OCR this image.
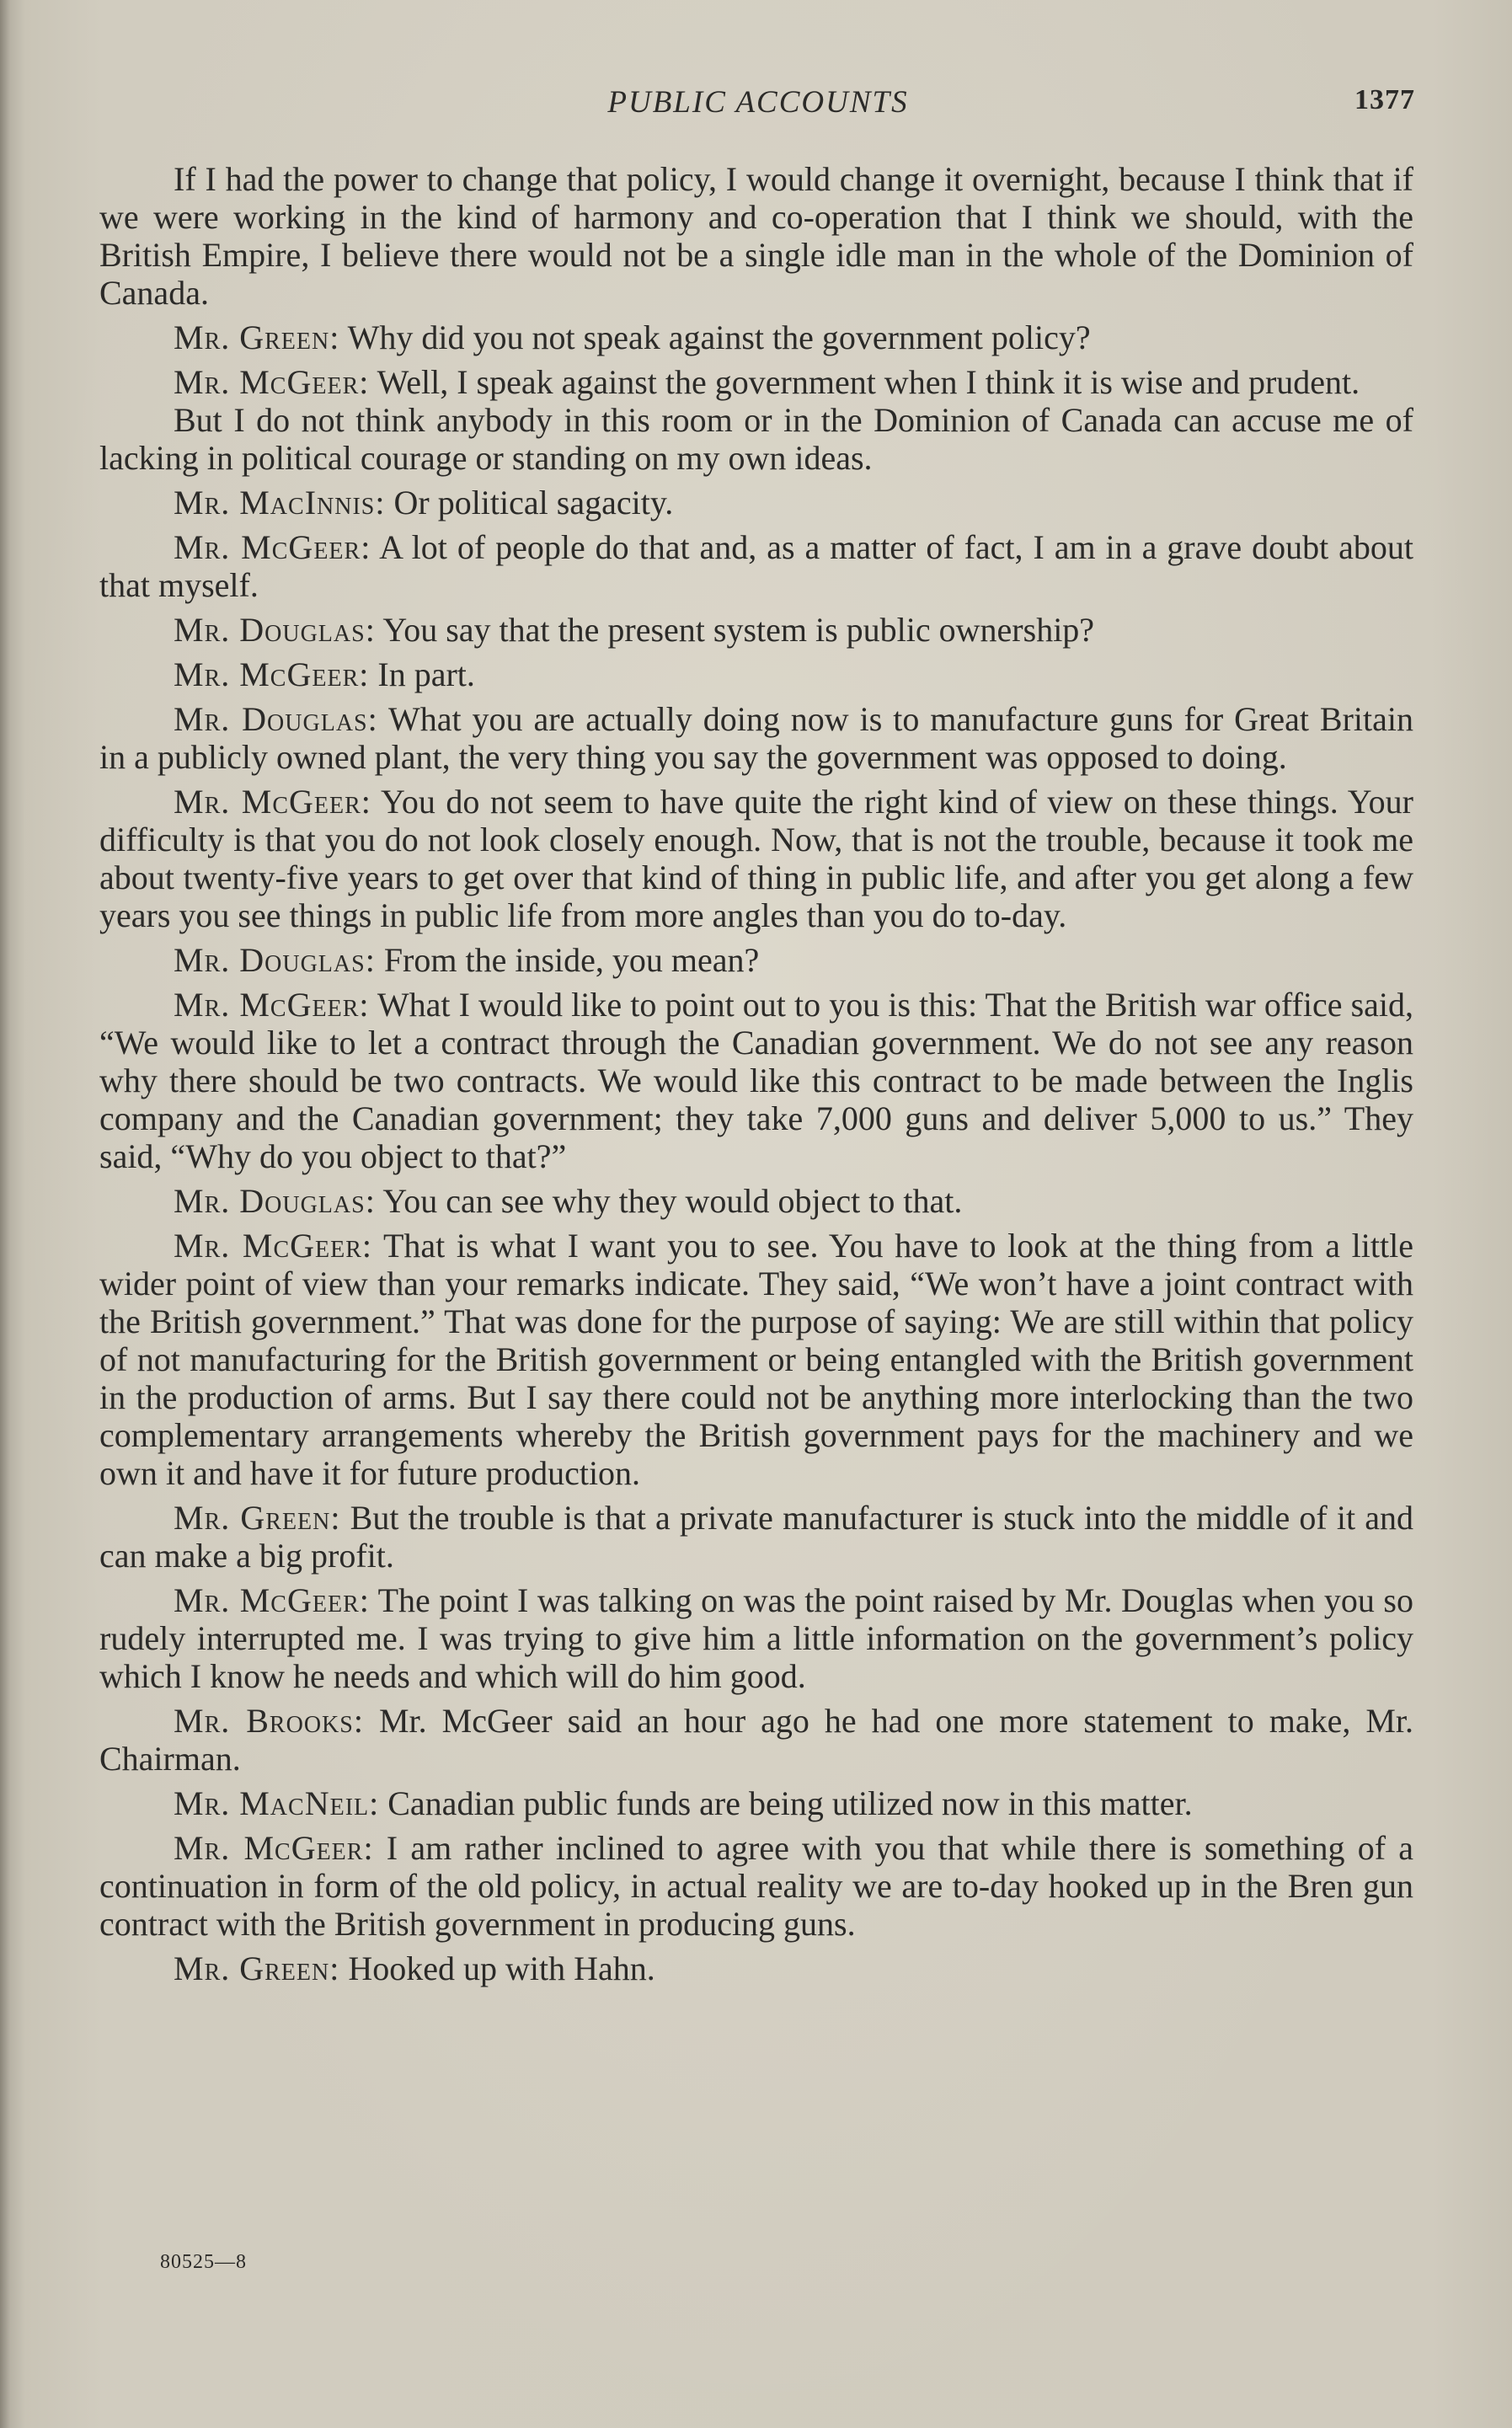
PUBLIC ACCOUNTS	1377

If I had the power to change that policy, I would change it overnight, because I think that if we were working in the kind of harmony and co-operation that I think we should, with the British Empire, I believe there would not be a single idle man in the whole of the Dominion of Canada.

Mr. Green: Why did you not speak against the government policy?

Mr. McGeer: Well, I speak against the government when I think it is wise and prudent.

But I do not think anybody in this room or in the Dominion of Canada can accuse me of lacking in political courage or standing on my own ideas.

Mr. MacInnis: Or political sagacity.

Mr. McGeer: A lot of people do that and, as a matter of fact, I am in a grave doubt about that myself.

Mr. Douglas: You say that the present system is public ownership?

Mr. McGeer: In part.

Mr. Douglas: What you are actually doing now is to manufacture guns for Great Britain in a publicly owned plant, the very thing you say the government was opposed to doing.

Mr. McGeer: You do not seem to have quite the right kind of view on these things. Your difficulty is that you do not look closely enough. Now, that is not the trouble, because it took me about twenty-five years to get over that kind of thing in public life, and after you get along a few years you see things in public life from more angles than you do to-day.

Mr. Douglas: From the inside, you mean?

Mr. McGeer: What I would like to point out to you is this: That the British war office said, “We would like to let a contract through the Canadian government. We do not see any reason why there should be two contracts. We would like this contract to be made between the Inglis company and the Canadian government; they take 7,000 guns and deliver 5,000 to us.” They said, “Why do you object to that?”

Mr. Douglas: You can see why they would object to that.

Mr. McGeer: That is what I want you to see. You have to look at the thing from a little wider point of view than your remarks indicate. They said, “We won’t have a joint contract with the British government.” That was done for the purpose of saying: We are still within that policy of not manufacturing for the British government or being entangled with the British government in the production of arms. But I say there could not be anything more interlocking than the two complementary arrangements whereby the British government pays for the machinery and we own it and have it for future production.

Mr. Green: But the trouble is that a private manufacturer is stuck into the middle of it and can make a big profit.

Mr. McGeer: The point I was talking on was the point raised by Mr. Douglas when you so rudely interrupted me. I was trying to give him a little information on the government’s policy which I know he needs and which will do him good.

Mr. Brooks: Mr. McGeer said an hour ago he had one more statement to make, Mr. Chairman.

Mr. MacNeil: Canadian public funds are being utilized now in this matter.

Mr. McGeer: I am rather inclined to agree with you that while there is something of a continuation in form of the old policy, in actual reality we are to-day hooked up in the Bren gun contract with the British government in producing guns.

Mr. Green: Hooked up with Hahn.

80525—8
